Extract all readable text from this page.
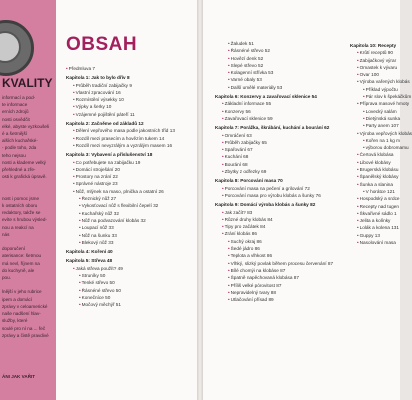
KVALITY
informací a pod-
te informace
erních zdrojů
nosti osvědčit
elké, abyste vyzkoušeli
é a šetrnější
alších kuchařské-
- podle toho, zda
teho nejsou
nosti a klademe velký
přehledné a zře-
osti k grafická úpravě.

nost i pomoc jsme
k ostatních oboru
redaktory, takže se
evíte s hrubou výsled-
nou a reakcí na
nás

doporučení
aterisance: šetrnou
má nevl, říjnem na
do kuchyně, ale
pou.

lnější v jeho rubrice
ipem a domácí
zprávy v celoamerické
naše nadšení hlav-
služby, které
soulé pro ní na ... řeč
zprávy a čistě pravdivé
ÁNI JAK VAŘIT
OBSAH
•Předmluva 7
Kapitola 1: Jak to bylo dřív 8
•Průběh tradiční zabijačky 9
•Vlastní zpracování 16
•Rozmístění výsekky 10
•Výpky a šerky 10
•Vzájemné pojištění páteří 11
Kapitola 2: Začněme od základů 12
•Dělení vepřového masa podle jakostních tříd 13
•Rozdíl mezi prasecím a hovězím tukem 14
•Rozdíl mezi nevyzrálým a vyzrálým masem 16
Kapitola 3: Vybavení a příslušenství 18
•Co potřebujete na zabijačku 19
•Domácí stroješání 20
•Prostory na zrání 22
•Správné nástroje 23
•Nůž, mlýnek na maso, plnička a ostatní 26
•Řeznický nůž 27
•Vykosťovací nůž s flexibilní čepelí 32
•Kuchařský nůž 32
•Nůž na podvazování klobás 32
•Loupací nůž 33
•Nůž na šunku 33
•Blekový nůž 33
Kapitola 4: Koření 40
Kapitola 5: Střeva 48
•Jaká střeva použít? 49
•Struníky 50
•Tenké střevo 50
•Řásnéné střevo 50
•Konečníce 50
•Močový měchýř 51
•Žaludek 51
•Řásnéné střevo 52
•Hovězí denk 52
•Slepé střevo 52
•Kolagenní střívka 53
•Varné obaly 53
•Další umělé materiály 53
Kapitola 6: Konzervy a zavařovací sklenice 54
•Základní informace 55
•Konzervy 56
•Zavařovací sklenice 59
Kapitola 7: Porážka, škrábání, kuchání a bourání 62
•Omráčení 63
•Průběh zabijačky 65
•Spařování 67
•Kuchání 68
•Bourání 68
•Zbytky z odřezky 69
Kapitola 8: Porcování masa 70
•Porcování masa na pečení a grilování 72
•Porcování masa pro výrobu klobás a šunky 76
Kapitola 9: Domácí výroba klobás a šunky 82
•Jak začít? 83
•Různé druhy klobás 84
•Tipy pro začátek 84
•Zrání klobás 86
•Suchý okraj 86
•Šedé jádro 86
•Teplota a vlhkost 86
•Vlhký, slizký povlak během procesu červenání 87
•Bílé chomýi na klobáse 87
•Špatně napěchovaná klobása 87
•Příliš velké pórovitost 87
•Nepravidelný tvary 88
•Utlačování přísad 89
Kapitola 10: Recepty
•Krůtí receptů 90
•Zabijačkový výrar
•Omastek k vývaru
•Ovar 100
•Výroba vařených klobás
•Příklad výpočtu
•Pár slov k špekáčkům
•Příprava masové hmoty
•Lovecký salám
•Dietýnská sunka
•Party anem 107
•Výroba vepřových klobás
•Kořen na 1 kg m
•výborou dobromamu
•Čertová klobása
•Libové klobásy
•Brugerská klobásu
•Španělský klobásy
•Šunka a slanina
•V horátce 121
•Hospodský a srdce
•Recepty nad tugen
•Škvařivné sádlo 1
•Jelita a kolínky
•Lolák a kolena 131
•Guppy 13
•Nasolování masa
